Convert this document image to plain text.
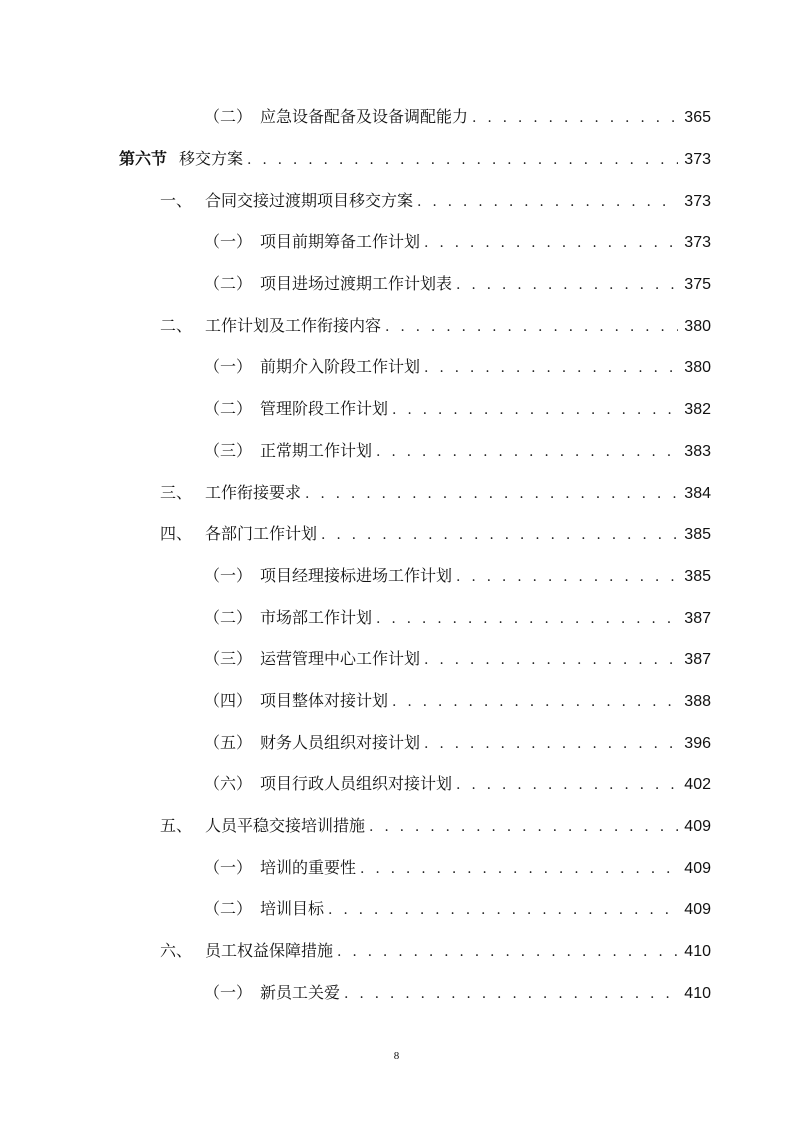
（二） 应急设备配备及设备调配能力 . . .	365
第六节 移交方案 . . .	373
一、 合同交接过渡期项目移交方案 . . .	373
（一） 项目前期筹备工作计划 . . .	373
（二） 项目进场过渡期工作计划表 . . .	375
二、 工作计划及工作衔接内容 . . .	380
（一） 前期介入阶段工作计划 . . .	380
（二） 管理阶段工作计划 . . .	382
（三） 正常期工作计划 . . .	383
三、 工作衔接要求 . . .	384
四、 各部门工作计划 . . .	385
（一） 项目经理接标进场工作计划 . . .	385
（二） 市场部工作计划 . . .	387
（三） 运营管理中心工作计划 . . .	387
（四） 项目整体对接计划 . . .	388
（五） 财务人员组织对接计划 . . .	396
（六） 项目行政人员组织对接计划 . . .	402
五、 人员平稳交接培训措施 . . .	409
（一） 培训的重要性 . . .	409
（二） 培训目标 . . .	409
六、 员工权益保障措施 . . .	410
（一） 新员工关爱 . . .	410
8
